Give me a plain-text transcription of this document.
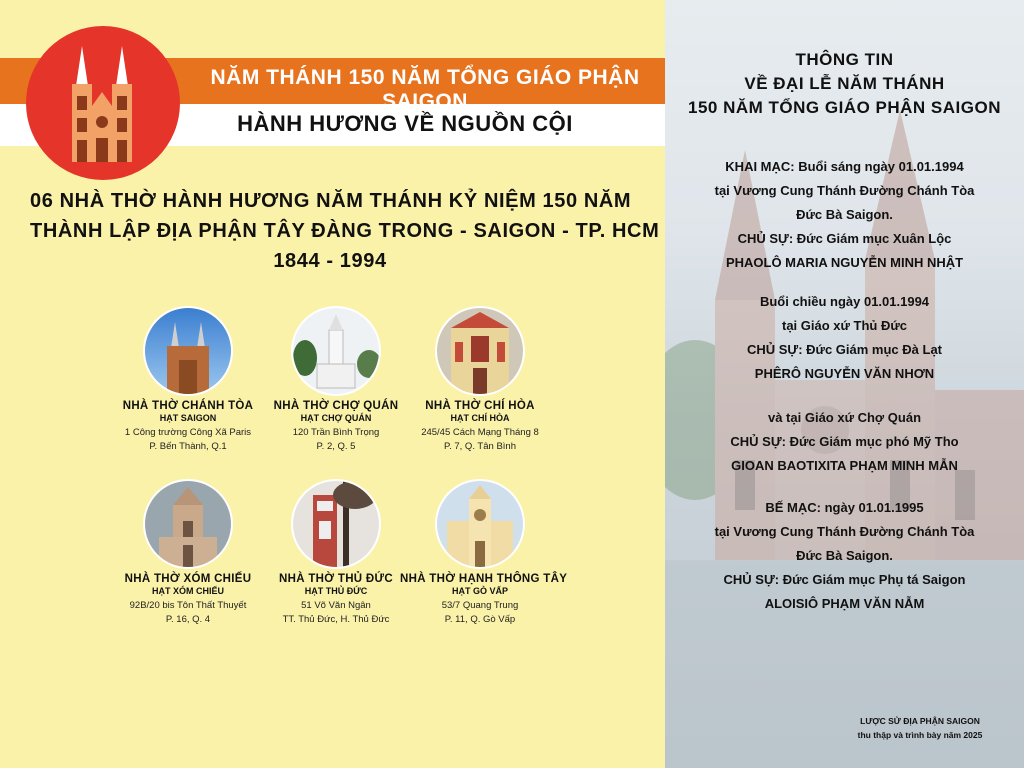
NĂM THÁNH 150 NĂM TỔNG GIÁO PHẬN SAIGON
HÀNH HƯƠNG VỀ NGUỒN CỘI
06 NHÀ THỜ HÀNH HƯƠNG NĂM THÁNH KỶ NIỆM 150 NĂM
THÀNH LẬP ĐỊA PHẬN TÂY ĐÀNG TRONG - SAIGON - TP. HCM
1844 - 1994
NHÀ THỜ CHÁNH TÒA
HẠT SAIGON
1 Công trường Công Xã Paris
P. Bến Thành, Q.1
NHÀ THỜ CHỢ QUÁN
HẠT CHỢ QUÁN
120 Trần Bình Trọng
P. 2, Q. 5
NHÀ THỜ CHÍ HÒA
HẠT CHÍ HÒA
245/45 Cách Mạng Tháng 8
P. 7, Q. Tân Bình
NHÀ THỜ XÓM CHIẾU
HẠT XÓM CHIẾU
92B/20 bis Tôn Thất Thuyết
P. 16, Q. 4
NHÀ THỜ THỦ ĐỨC
HẠT THỦ ĐỨC
51 Võ Văn Ngân
TT. Thủ Đức, H. Thủ Đức
NHÀ THỜ HẠNH THÔNG TÂY
HẠT GÒ VẤP
53/7 Quang Trung
P. 11, Q. Gò Vấp
THÔNG TIN
VỀ ĐẠI LỄ NĂM THÁNH
150 NĂM TỔNG GIÁO PHẬN SAIGON
KHAI MẠC: Buổi sáng ngày 01.01.1994
tại Vương Cung Thánh Đường Chánh Tòa
Đức Bà Saigon.
CHỦ SỰ: Đức Giám mục Xuân Lộc
PHAOLÔ MARIA NGUYỄN MINH NHẬT
Buổi chiều ngày 01.01.1994
tại Giáo xứ Thủ Đức
CHỦ SỰ: Đức Giám mục Đà Lạt
PHÊRÔ NGUYỄN VĂN NHƠN
và tại Giáo xứ Chợ Quán
CHỦ SỰ: Đức Giám mục phó Mỹ Tho
GIOAN BAOTIXITA PHẠM MINH MẪN
BẾ MẠC: ngày 01.01.1995
tại Vương Cung Thánh Đường Chánh Tòa
Đức Bà Saigon.
CHỦ SỰ: Đức Giám mục Phụ tá Saigon
ALOISIÔ PHẠM VĂN NẪM
LƯỢC SỬ ĐỊA PHẬN SAIGON
thu thập và trình bày năm 2025
